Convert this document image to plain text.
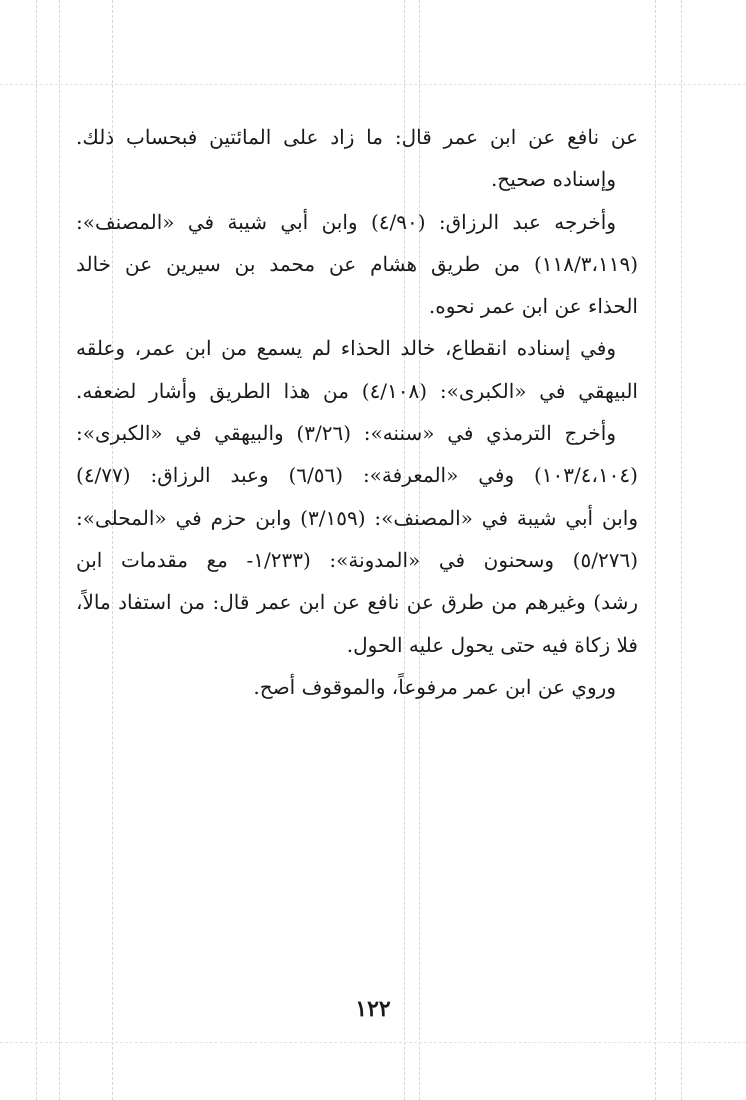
عن نافع عن ابن عمر قال: ما زاد على المائتين فبحساب ذلك.
وإسناده صحيح.
وأخرجه عبد الرزاق: (٤/٩٠) وابن أبي شيبة في «المصنف»:
(١١٨/٣،١١٩) من طريق هشام عن محمد بن سيرين عن خالد
الحذاء عن ابن عمر نحوه.
وفي إسناده انقطاع، خالد الحذاء لم يسمع من ابن عمر، وعلقه
البيهقي في «الكبرى»: (٤/١٠٨) من هذا الطريق وأشار لضعفه.
وأخرج الترمذي في «سننه»: (٣/٢٦) والبيهقي في «الكبرى»:
(١٠٣/٤،١٠٤) وفي «المعرفة»: (٦/٥٦) وعبد الرزاق: (٤/٧٧)
وابن أبي شيبة في «المصنف»: (٣/١٥٩) وابن حزم في «المحلى»:
(٥/٢٧٦) وسحنون في «المدونة»: (١/٢٣٣- مع مقدمات ابن
رشد) وغيرهم من طرق عن نافع عن ابن عمر قال: من استفاد مالاً،
فلا زكاة فيه حتى يحول عليه الحول.
وروي عن ابن عمر مرفوعاً، والموقوف أصح.
١٢٢
